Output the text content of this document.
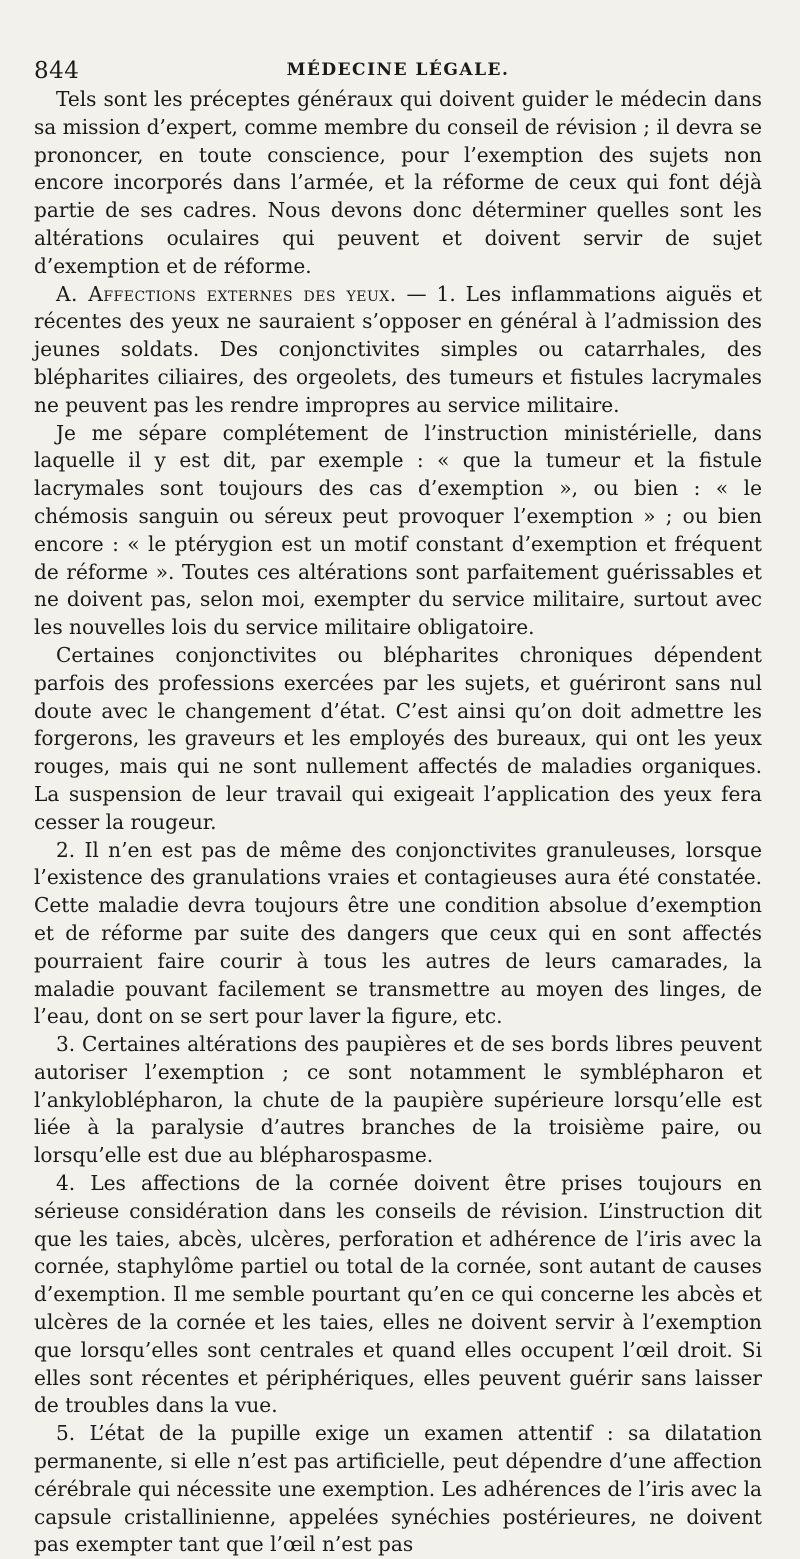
844	MÉDECINE LÉGALE.

Tels sont les préceptes généraux qui doivent guider le médecin dans sa mission d’expert, comme membre du conseil de révision ; il devra se prononcer, en toute conscience, pour l’exemption des sujets non encore incorporés dans l’armée, et la réforme de ceux qui font déjà partie de ses cadres. Nous devons donc déterminer quelles sont les altérations oculaires qui peuvent et doivent servir de sujet d’exemption et de réforme.

A. Affections externes des yeux. — 1. Les inflammations aiguës et récentes des yeux ne sauraient s’opposer en général à l’admission des jeunes soldats. Des conjonctivites simples ou catarrhales, des blépharites ciliaires, des orgeolets, des tumeurs et fistules lacrymales ne peuvent pas les rendre impropres au service militaire.

Je me sépare complétement de l’instruction ministérielle, dans laquelle il y est dit, par exemple : « que la tumeur et la fistule lacrymales sont toujours des cas d’exemption », ou bien : « le chémosis sanguin ou séreux peut provoquer l’exemption » ; ou bien encore : « le ptérygion est un motif constant d’exemption et fréquent de réforme ». Toutes ces altérations sont parfaitement guérissables et ne doivent pas, selon moi, exempter du service militaire, surtout avec les nouvelles lois du service militaire obligatoire.

Certaines conjonctivites ou blépharites chroniques dépendent parfois des professions exercées par les sujets, et guériront sans nul doute avec le changement d’état. C’est ainsi qu’on doit admettre les forgerons, les graveurs et les employés des bureaux, qui ont les yeux rouges, mais qui ne sont nullement affectés de maladies organiques. La suspension de leur travail qui exigeait l’application des yeux fera cesser la rougeur.

2. Il n’en est pas de même des conjonctivites granuleuses, lorsque l’existence des granulations vraies et contagieuses aura été constatée. Cette maladie devra toujours être une condition absolue d’exemption et de réforme par suite des dangers que ceux qui en sont affectés pourraient faire courir à tous les autres de leurs camarades, la maladie pouvant facilement se transmettre au moyen des linges, de l’eau, dont on se sert pour laver la figure, etc.

3. Certaines altérations des paupières et de ses bords libres peuvent autoriser l’exemption ; ce sont notamment le symblépharon et l’ankyloblépharon, la chute de la paupière supérieure lorsqu’elle est liée à la paralysie d’autres branches de la troisième paire, ou lorsqu’elle est due au blépharospasme.

4. Les affections de la cornée doivent être prises toujours en sérieuse considération dans les conseils de révision. L’instruction dit que les taies, abcès, ulcères, perforation et adhérence de l’iris avec la cornée, staphylôme partiel ou total de la cornée, sont autant de causes d’exemption. Il me semble pourtant qu’en ce qui concerne les abcès et ulcères de la cornée et les taies, elles ne doivent servir à l’exemption que lorsqu’elles sont centrales et quand elles occupent l’œil droit. Si elles sont récentes et périphériques, elles peuvent guérir sans laisser de troubles dans la vue.

5. L’état de la pupille exige un examen attentif : sa dilatation permanente, si elle n’est pas artificielle, peut dépendre d’une affection cérébrale qui nécessite une exemption. Les adhérences de l’iris avec la capsule cristallinienne, appelées synéchies postérieures, ne doivent pas exempter tant que l’œil n’est pas
